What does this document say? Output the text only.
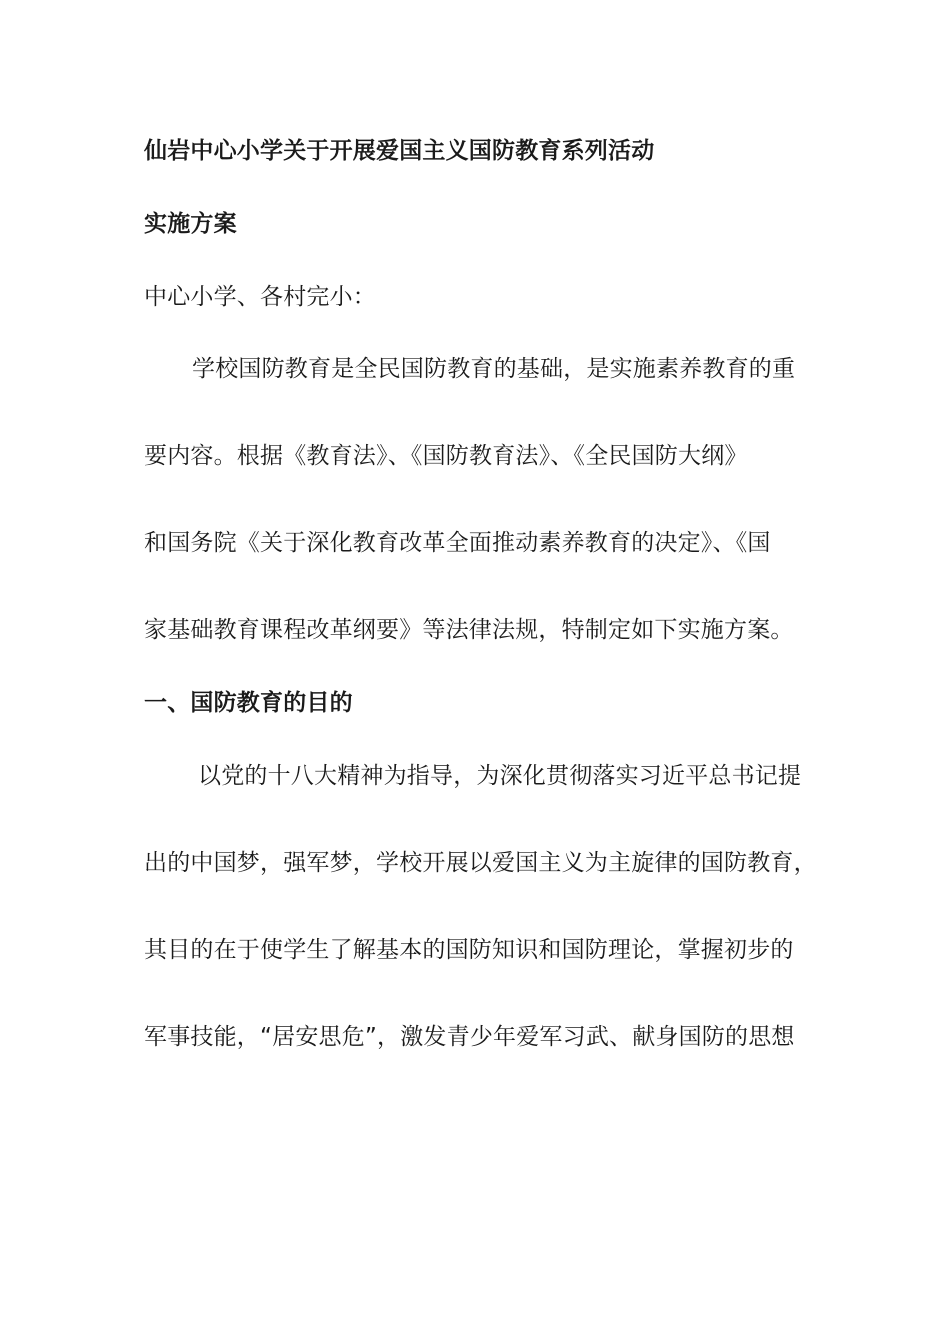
仙岩中心小学关于开展爱国主义国防教育系列活动
实施方案
中心小学、各村完小：
学校国防教育是全民国防教育的基础，是实施素养教育的重
要内容。根据《教育法》、《国防教育法》、《全民国防大纲》
和国务院《关于深化教育改革全面推动素养教育的决定》、《国
家基础教育课程改革纲要》等法律法规，特制定如下实施方案。
一、国防教育的目的
以党的十八大精神为指导，为深化贯彻落实习近平总书记提
出的中国梦，强军梦，学校开展以爱国主义为主旋律的国防教育，
其目的在于使学生了解基本的国防知识和国防理论，掌握初步的
军事技能，“居安思危”，激发青少年爱军习武、献身国防的思想
